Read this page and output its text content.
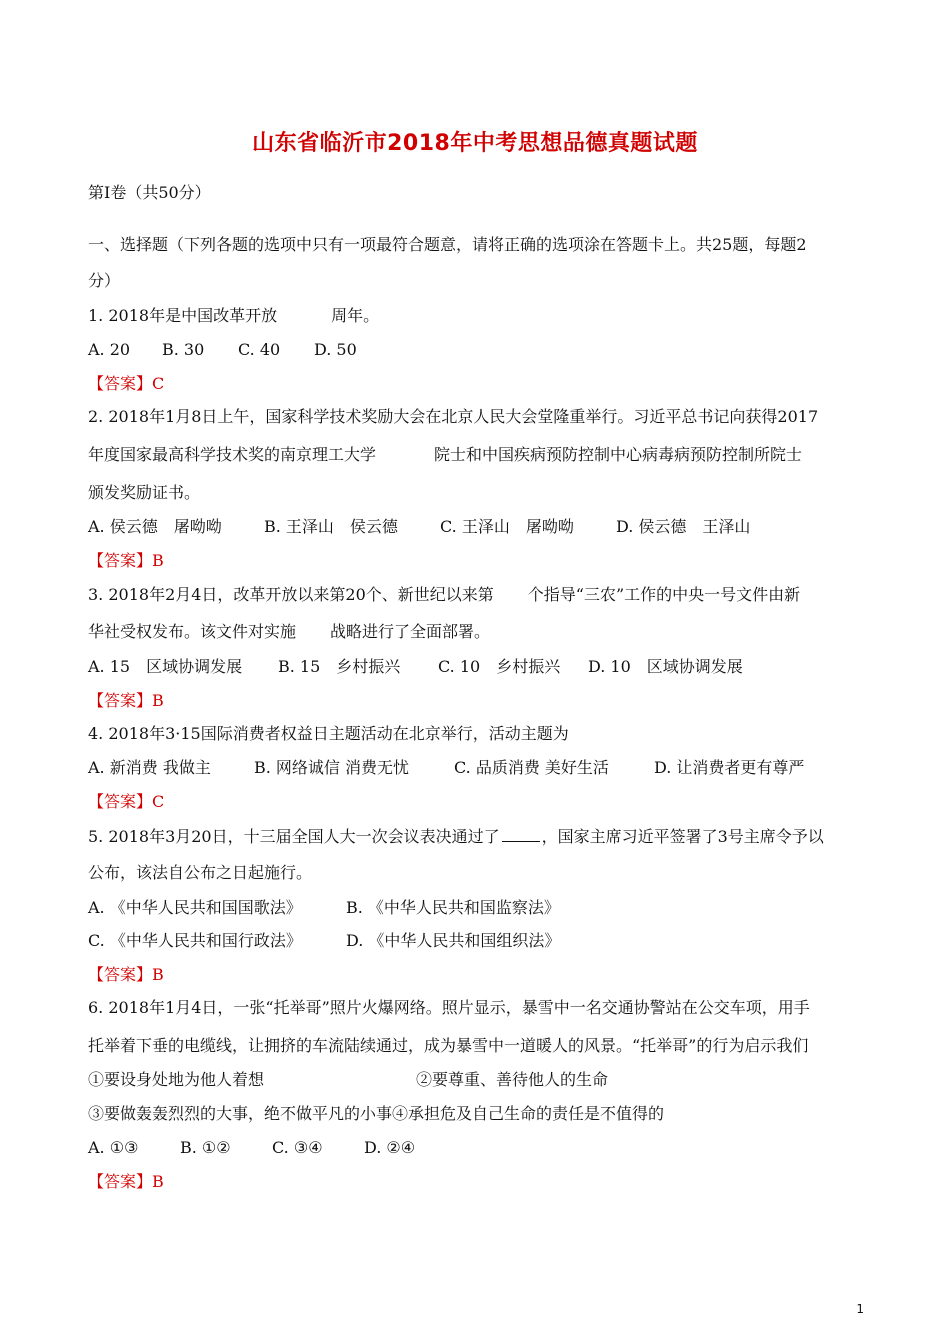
山东省临沂市2018年中考思想品德真题试题
第Ⅰ卷（共50分）
一、选择题（下列各题的选项中只有一项最符合题意，请将正确的选项涂在答题卡上。共25题，每题2
分）
1. 2018年是中国改革开放	周年。
A. 20 B. 30 C. 40 D. 50
【答案】C
2. 2018年1月8日上午，国家科学技术奖励大会在北京人民大会堂隆重举行。习近平总书记向获得2017
年度国家最高科学技术奖的南京理工大学	院士和中国疾病预防控制中心病毒病预防控制所院士
颁发奖励证书。
A. 侯云德　屠呦呦	B. 王泽山　侯云德	C. 王泽山　屠呦呦	D. 侯云德　王泽山
【答案】B
3. 2018年2月4日，改革开放以来第20个、新世纪以来第 个指导“三农”工作的中央一号文件由新
华社受权发布。该文件对实施 战略进行了全面部署。
A. 15　区域协调发展 B. 15　乡村振兴 C. 10　乡村振兴 D. 10　区域协调发展
【答案】B
4. 2018年3·15国际消费者权益日主题活动在北京举行，活动主题为
A. 新消费 我做主	B. 网络诚信 消费无忧	C. 品质消费 美好生活	D. 让消费者更有尊严
【答案】C
5. 2018年3月20日，十三届全国人大一次会议表决通过了	，国家主席习近平签署了3号主席令予以
公布，该法自公布之日起施行。
A. 《中华人民共和国国歌法》	B. 《中华人民共和国监察法》
C. 《中华人民共和国行政法》	D. 《中华人民共和国组织法》
【答案】B
6. 2018年1月4日，一张“托举哥”照片火爆网络。照片显示，暴雪中一名交通协警站在公交车项，用手
托举着下垂的电缆线，让拥挤的车流陆续通过，成为暴雪中一道暖人的风景。“托举哥”的行为启示我们
①要设身处地为他人着想	②要尊重、善待他人的生命
③要做轰轰烈烈的大事，绝不做平凡的小事④承担危及自己生命的责任是不值得的
A. ①③	B. ①②	C. ③④	D. ②④
【答案】B
1
